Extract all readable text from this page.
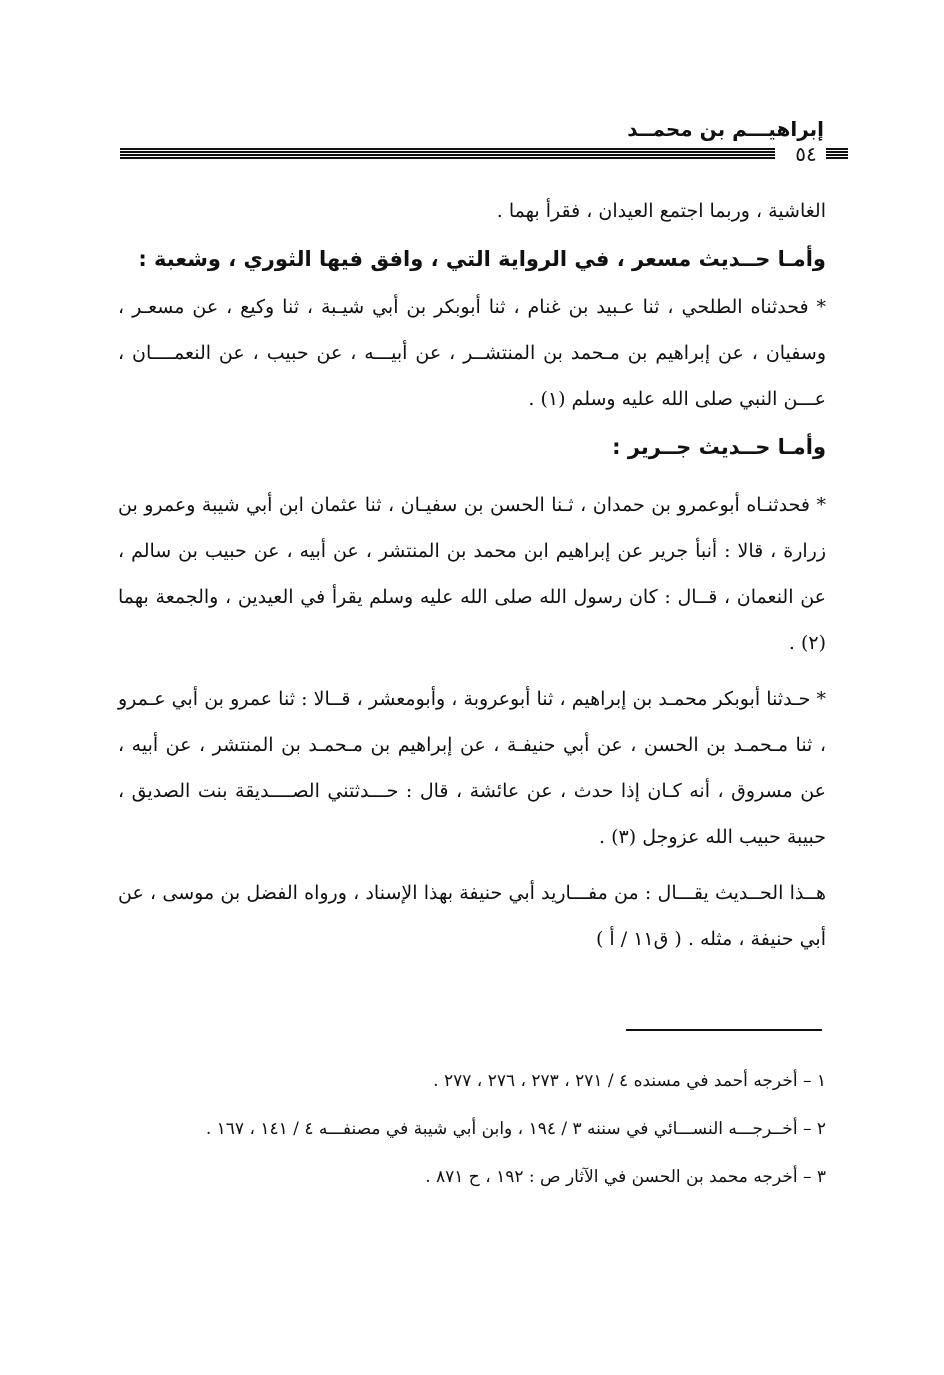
إبراهيـــم بن محمــد
٥٤

الغاشية ، وربما اجتمع العيدان ، فقرأ بهما .

وأمـا حــديث مسعر ، في الرواية التي ، وافق فيها الثوري ، وشعبة :

* فحدثناه الطلحي ، ثنا عـبيد بن غنام ، ثنا أبوبكر بن أبي شيـبة ، ثنا وكيع ، عن مسعـر ، وسفيان ، عن إبراهيم بن مـحمد بن المنتشــر ، عن أبيـــه ، عن حبيب ، عن النعمــــان ، عـــن النبي صلى الله عليه وسلم (١) .

وأمـا حــديث جــرير :

* فحدثنـاه أبوعمرو بن حمدان ، ثـنا الحسن بن سفيـان ، ثنا عثمان ابن أبي شيبة وعمرو بن زرارة ، قالا : أنبأ جرير عن إبراهيم ابن محمد بن المنتشر ، عن أبيه ، عن حبيب بن سالم ، عن النعمان ، قــال : كان رسول الله صلى الله عليه وسلم يقرأ في العيدين ، والجمعة بهما (٢) .

* حـدثنا أبوبكر محمـد بن إبراهيم ، ثنا أبوعروبة ، وأبومعشر ، قــالا : ثنا عمرو بن أبي عـمرو ، ثنا مـحمـد بن الحسن ، عن أبي حنيفـة ، عن إبراهيم بن مـحمـد بن المنتشر ، عن أبيه ، عن مسروق ، أنه كـان إذا حدث ، عن عائشة ، قال : حـــدثتني الصــــديقة بنت الصديق ، حبيبة حبيب الله عزوجل (٣) .

هــذا الحــديث يقـــال : من مفـــاريد أبي حنيفة بهذا الإسناد ، ورواه الفضل بن موسى ، عن أبي حنيفة ، مثله . ( ق١١ / أ )

١ – أخرجه أحمد في مسنده ٤ / ٢٧١ ، ٢٧٣ ، ٢٧٦ ، ٢٧٧ .

٢ – أخــرجـــه النســـائي في سننه ٣ / ١٩٤ ، وابن أبي شيبة في مصنفـــه ٤ / ١٤١ ، ١٦٧ .

٣ – أخرجه محمد بن الحسن في الآثار ص : ١٩٢ ، ح ٨٧١ .
